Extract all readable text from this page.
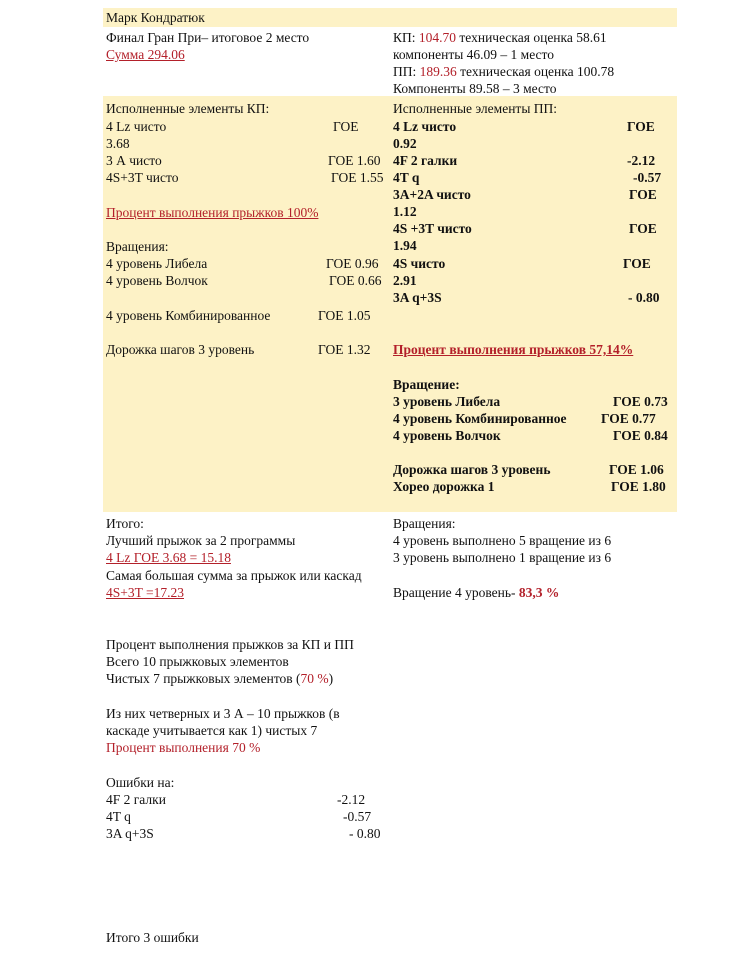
Марк Кондратюк
Финал Гран При– итоговое 2 место
Сумма 294.06
КП: 104.70 техническая оценка 58.61
компоненты 46.09 – 1 место
ПП: 189.36 техническая оценка 100.78
Компоненты 89.58 – 3 место
Исполненные элементы КП:
4 Lz чисто	ГОЕ
3.68
3 А чисто	ГОЕ 1.60
4S+3T чисто	ГОЕ 1.55
Процент выполнения прыжков 100%
Вращения:
4 уровень Либела	ГОЕ 0.96
4 уровень Волчок	ГОЕ 0.66
4 уровень Комбинированное	ГОЕ 1.05
Дорожка шагов 3 уровень	ГОЕ 1.32
Исполненные элементы ПП:
4 Lz чисто	ГОЕ
0.92
4F 2 галки	-2.12
4T q	-0.57
3A+2A чисто	ГОЕ
1.12
4S +3T чисто	ГОЕ
1.94
4S чисто	ГОЕ
2.91
3A q+3S	- 0.80
Процент выполнения прыжков 57,14%
Вращение:
3 уровень Либела	ГОЕ 0.73
4 уровень Комбинированное	ГОЕ 0.77
4 уровень Волчок	ГОЕ 0.84
Дорожка шагов 3 уровень	ГОЕ 1.06
Хорео дорожка 1	ГОЕ 1.80
Итого:
Лучший прыжок за 2 программы
4 Lz ГОЕ 3.68 = 15.18
Самая большая сумма за прыжок или каскад
4S+3T =17.23
Вращения:
4 уровень выполнено 5 вращение из 6
3 уровень выполнено 1 вращение из 6
Вращение 4 уровень- 83,3 %
Процент выполнения прыжков за КП и ПП
Всего 10 прыжковых элементов
Чистых 7 прыжковых элементов (70 %)
Из них четверных и 3 А – 10 прыжков (в
каскаде учитывается как 1) чистых 7
Процент выполнения 70 %
Ошибки на:
4F 2 галки	-2.12
4T q	-0.57
3A q+3S	- 0.80
Итого 3 ошибки
